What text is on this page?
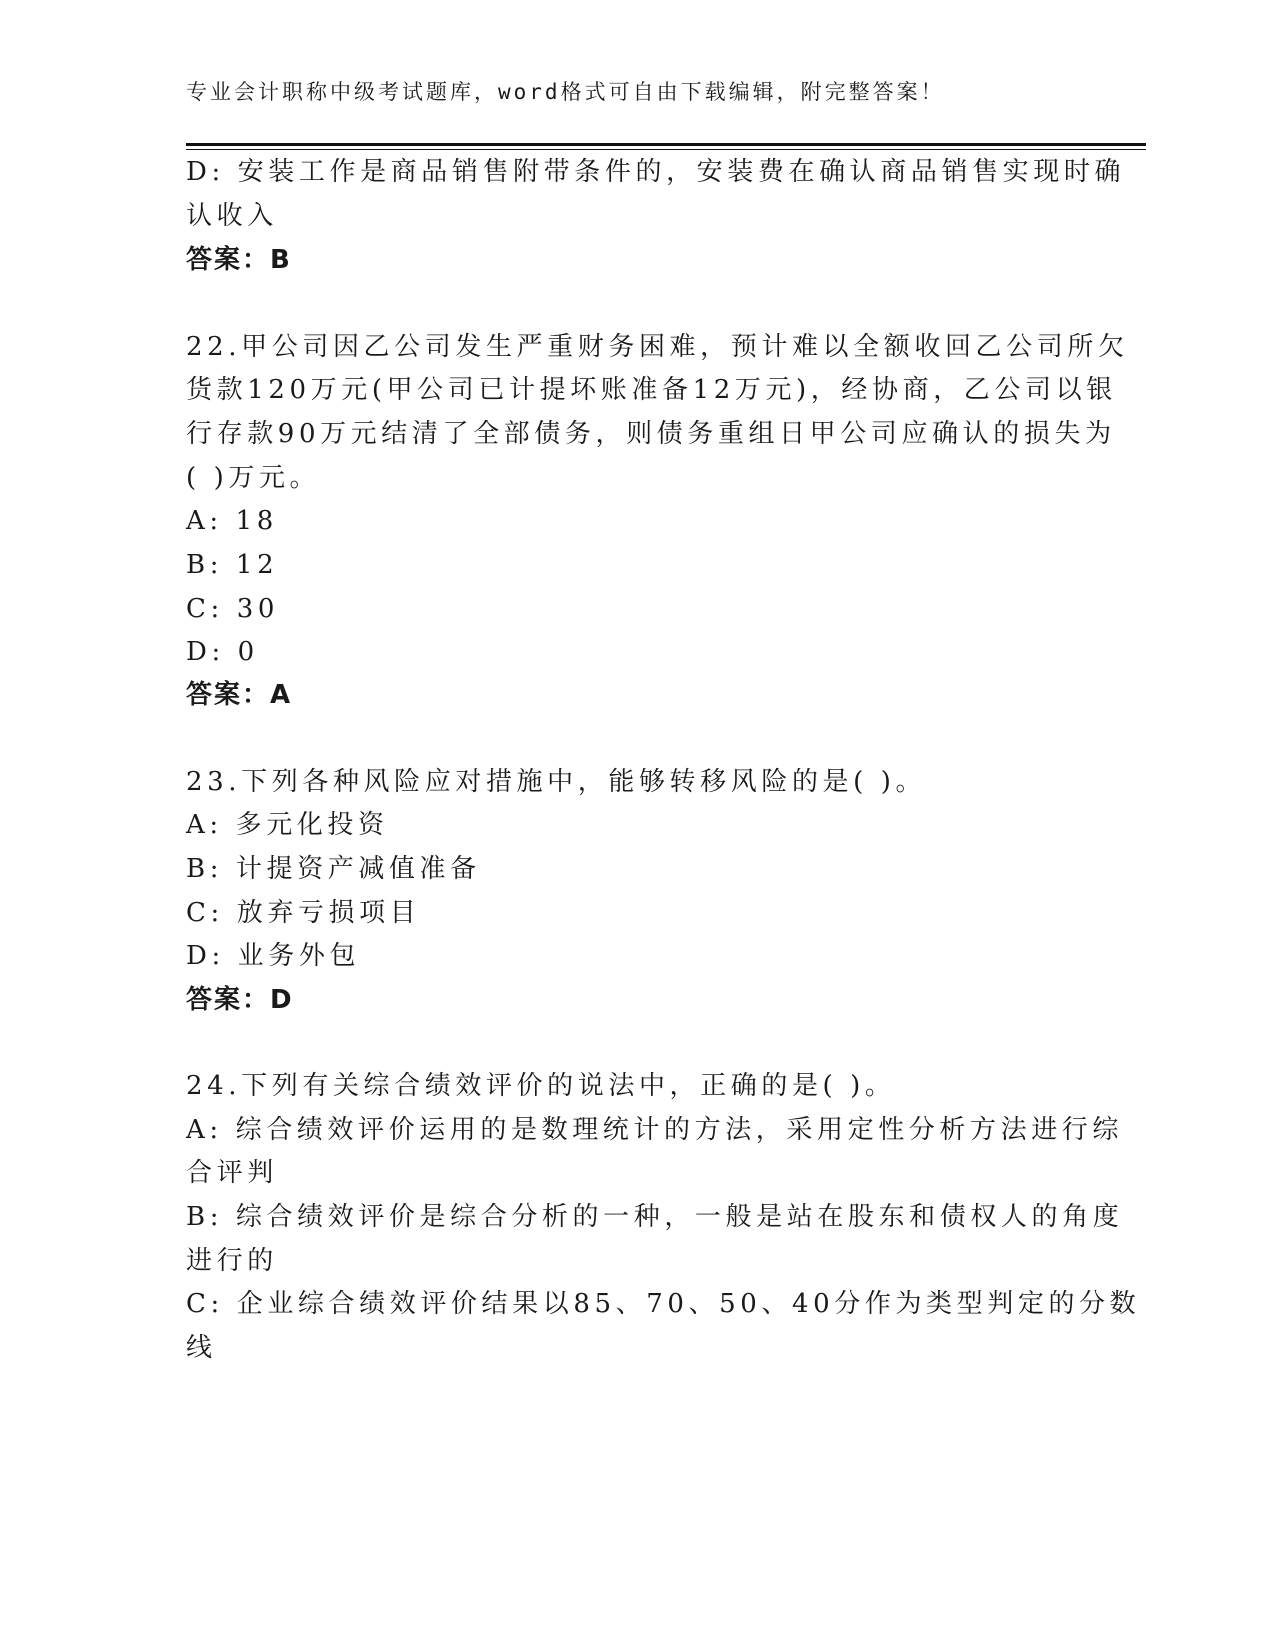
专业会计职称中级考试题库，word格式可自由下载编辑，附完整答案！
D: 安装工作是商品销售附带条件的，安装费在确认商品销售实现时确
认收入
答案：B
22.甲公司因乙公司发生严重财务困难，预计难以全额收回乙公司所欠
货款120万元(甲公司已计提坏账准备12万元)，经协商，乙公司以银
行存款90万元结清了全部债务，则债务重组日甲公司应确认的损失为
( )万元。
A: 18
B: 12
C: 30
D: 0
答案：A
23.下列各种风险应对措施中，能够转移风险的是( )。
A: 多元化投资
B: 计提资产减值准备
C: 放弃亏损项目
D: 业务外包
答案：D
24.下列有关综合绩效评价的说法中，正确的是( )。
A: 综合绩效评价运用的是数理统计的方法，采用定性分析方法进行综
合评判
B: 综合绩效评价是综合分析的一种，一般是站在股东和债权人的角度
进行的
C: 企业综合绩效评价结果以85、70、50、40分作为类型判定的分数
线
